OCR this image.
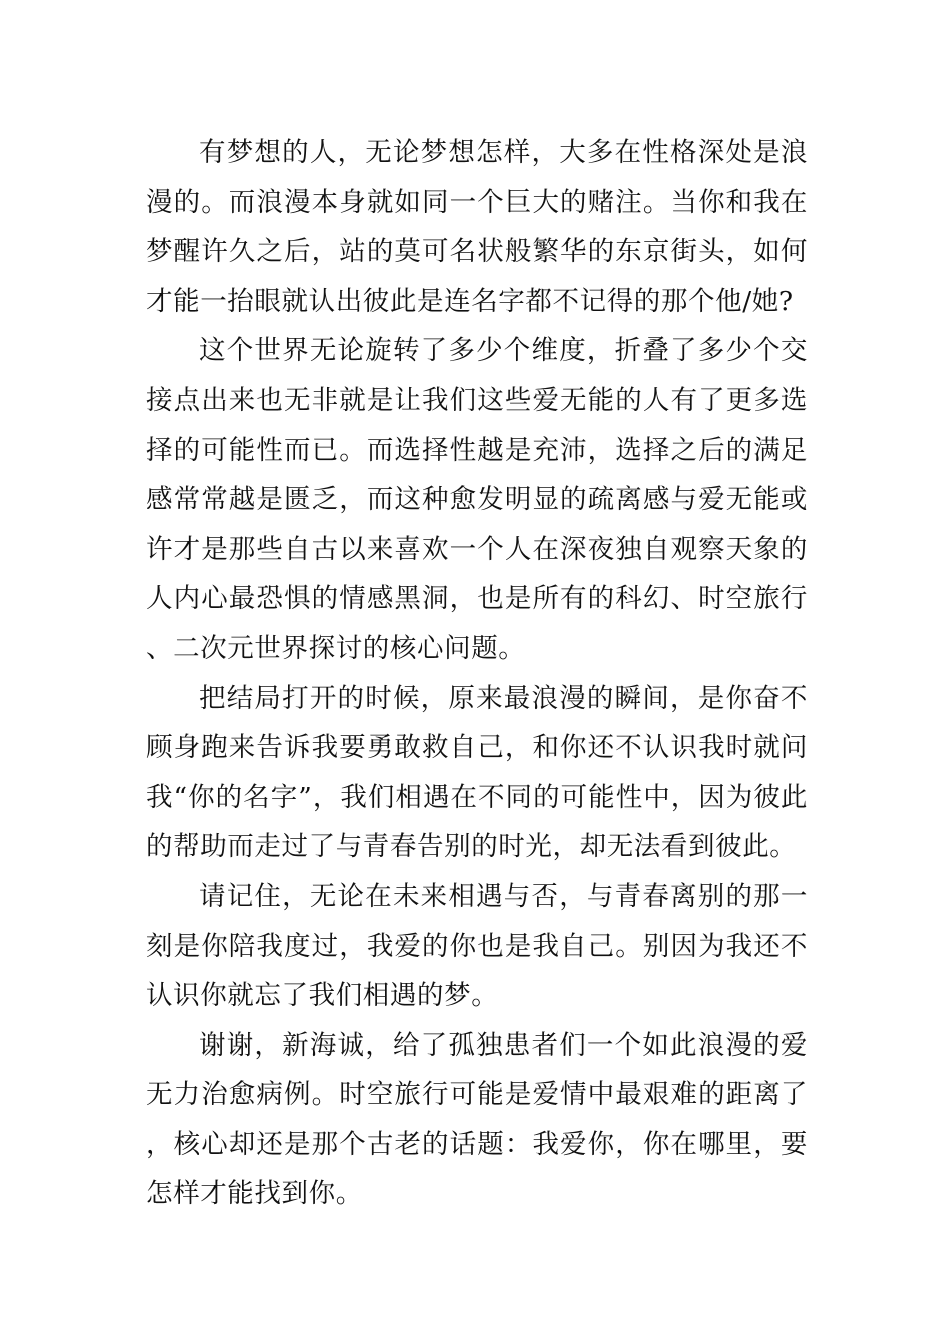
有梦想的人，无论梦想怎样，大多在性格深处是浪漫的。而浪漫本身就如同一个巨大的赌注。当你和我在梦醒许久之后，站的莫可名状般繁华的东京街头，如何才能一抬眼就认出彼此是连名字都不记得的那个他/她?

这个世界无论旋转了多少个维度，折叠了多少个交接点出来也无非就是让我们这些爱无能的人有了更多选择的可能性而已。而选择性越是充沛，选择之后的满足感常常越是匮乏，而这种愈发明显的疏离感与爱无能或许才是那些自古以来喜欢一个人在深夜独自观察天象的人内心最恐惧的情感黑洞，也是所有的科幻、时空旅行、二次元世界探讨的核心问题。

把结局打开的时候，原来最浪漫的瞬间，是你奋不顾身跑来告诉我要勇敢救自己，和你还不认识我时就问我“你的名字”，我们相遇在不同的可能性中，因为彼此的帮助而走过了与青春告别的时光，却无法看到彼此。

请记住，无论在未来相遇与否，与青春离别的那一刻是你陪我度过，我爱的你也是我自己。别因为我还不认识你就忘了我们相遇的梦。

谢谢，新海诚，给了孤独患者们一个如此浪漫的爱无力治愈病例。时空旅行可能是爱情中最艰难的距离了，核心却还是那个古老的话题：我爱你，你在哪里，要怎样才能找到你。
